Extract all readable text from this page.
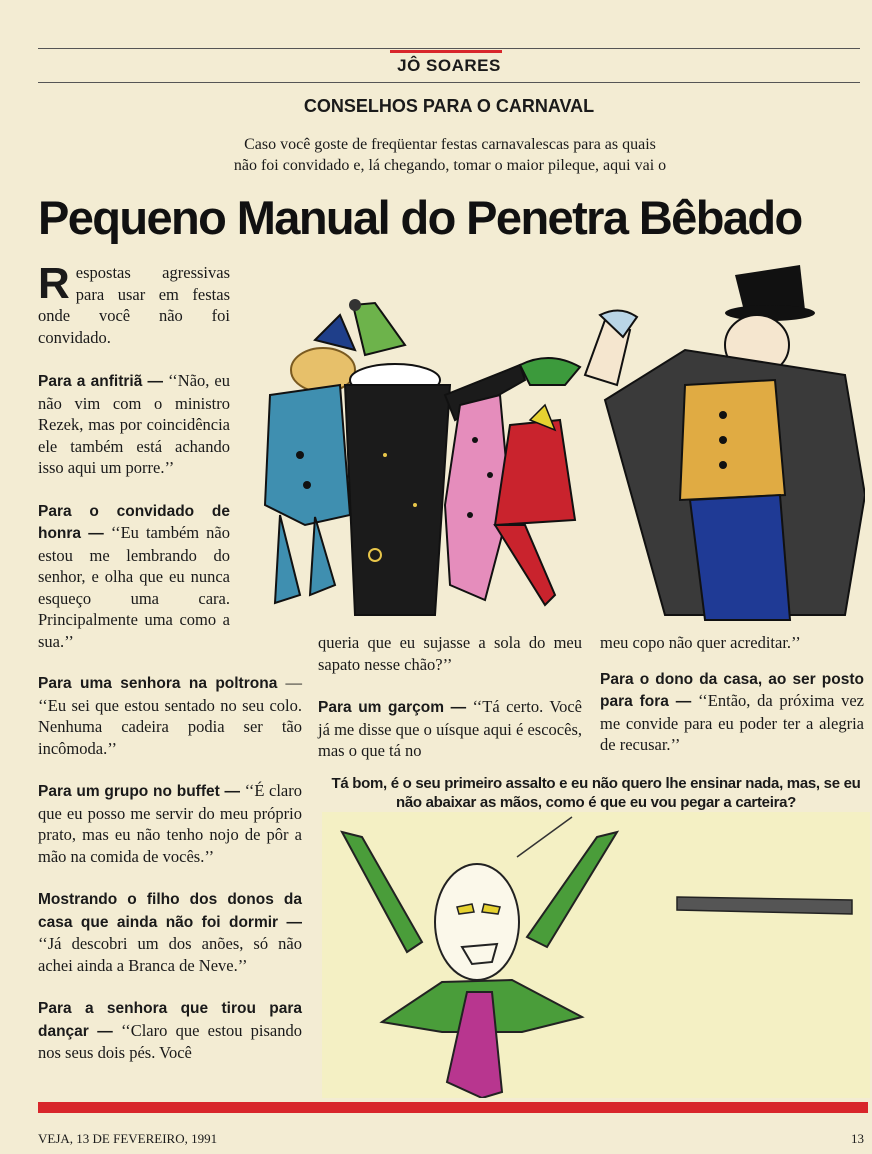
JÔ SOARES
CONSELHOS PARA O CARNAVAL
Caso você goste de freqüentar festas carnavalescas para as quais
não foi convidado e, lá chegando, tomar o maior pileque, aqui vai o
Pequeno Manual do Penetra Bêbado

Respostas agressivas para usar em festas onde você não foi convidado.

Para a anfitriã — ‘‘Não, eu não vim com o ministro Rezek, mas por coincidência ele também está achando isso aqui um porre.’’

Para o convidado de honra — ‘‘Eu também não estou me lembrando do senhor, e olha que eu nunca esqueço uma cara. Principalmente uma como a sua.’’

Para uma senhora na poltrona — ‘‘Eu sei que estou sentado no seu colo. Nenhuma cadeira podia ser tão incômoda.’’

Para um grupo no buffet — ‘‘É claro que eu posso me servir do meu próprio prato, mas eu não tenho nojo de pôr a mão na comida de vocês.’’

Mostrando o filho dos donos da casa que ainda não foi dormir — ‘‘Já descobri um dos anões, só não achei ainda a Branca de Neve.’’

Para a senhora que tirou para dançar — ‘‘Claro que estou pisando nos seus dois pés. Você

queria que eu sujasse a sola do meu sapato nesse chão?’’

Para um garçom — ‘‘Tá certo. Você já me disse que o uísque aqui é escocês, mas o que tá no

meu copo não quer acreditar.’’

Para o dono da casa, ao ser posto para fora — ‘‘Então, da próxima vez me convide para eu poder ter a alegria de recusar.’’

Tá bom, é o seu primeiro assalto e eu não quero lhe ensinar nada, mas, se eu não abaixar as mãos, como é que eu vou pegar a carteira?
VEJA, 13 DE FEVEREIRO, 1991	13
